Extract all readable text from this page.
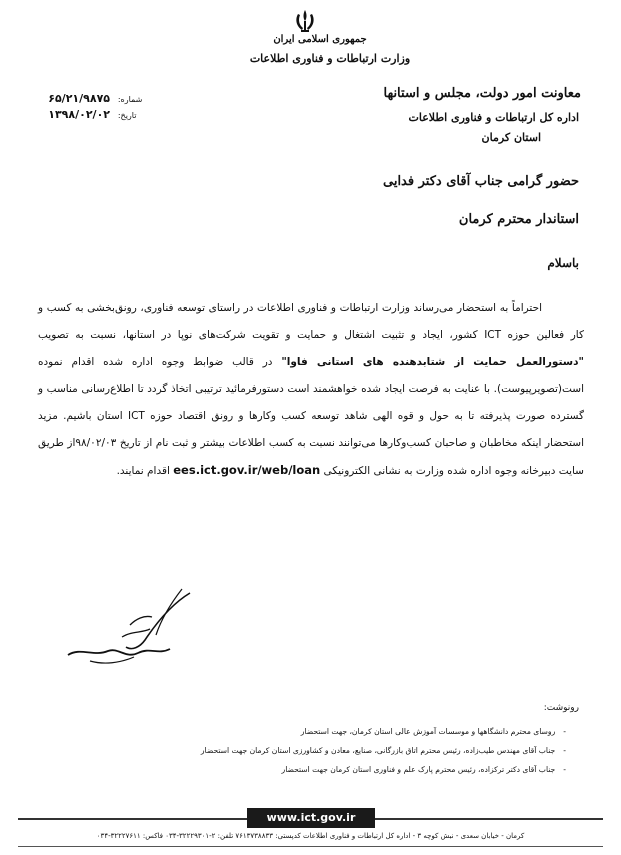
جمهوری اسلامی ایران
وزارت ارتباطات و فناوری اطلاعات
۶۵/۲۱/۹۸۷۵ شماره:
۱۳۹۸/۰۲/۰۲ تاریخ:
معاونت امور دولت، مجلس و استانها
اداره کل ارتباطات و فناوری اطلاعات
استان کرمان
حضور گرامی جناب آقای دکتر فدایی
استاندار محترم کرمان
باسلام

احتراماً به استحضار می‌رساند وزارت ارتباطات و فناوری اطلاعات در راستای توسعه فناوری، رونق‌بخشی به کسب و کار فعالین حوزه ICT کشور، ایجاد و تثبیت اشتغال و حمایت و تقویت شرکت‌های نوپا در استانها، نسبت به تصویب "دستورالعمل حمایت از شتابدهنده های استانی فاوا" در قالب ضوابط وجوه اداره شده اقدام نموده است(تصویرپیوست). با عنایت به فرصت ایجاد شده خواهشمند است دستورفرمائید ترتیبی اتخاذ گردد تا اطلاع‌رسانی مناسب و گسترده صورت پذیرفته تا به حول و قوه الهی شاهد توسعه کسب وکارها و رونق اقتصاد حوزه ICT استان باشیم. مزید استحضار اینکه مخاطبان و صاحبان کسب‌وکارها می‌توانند نسبت به کسب اطلاعات بیشتر و ثبت نام از تاریخ ۹۸/۰۲/۰۳از طریق سایت دبیرخانه وجوه اداره شده وزارت به نشانی الکترونیکی ees.ict.gov.ir/web/loan اقدام نمایند.

رونوشت:
- روسای محترم دانشگاهها و موسسات آموزش عالی استان کرمان، جهت استحضار
- جناب آقای مهندس طیب‌زاده، رئیس محترم اتاق بازرگانی، صنایع، معادن و کشاورزی استان کرمان جهت استحضار
- جناب آقای دکتر ترکزاده، رئیس محترم پارک علم و فناوری استان کرمان جهت استحضار
www.ict.gov.ir
کرمان - خیابان سعدی - نبش کوچه ۳ - اداره کل ارتباطات و فناوری اطلاعات کدپستی: ۷۶۱۳۷۳۸۸۳۳ تلفن: ۲-۳۲۲۲۹۳۰۱-۰۳۴ فاکس: ۳۲۲۲۷۶۱۱-۰۳۴
